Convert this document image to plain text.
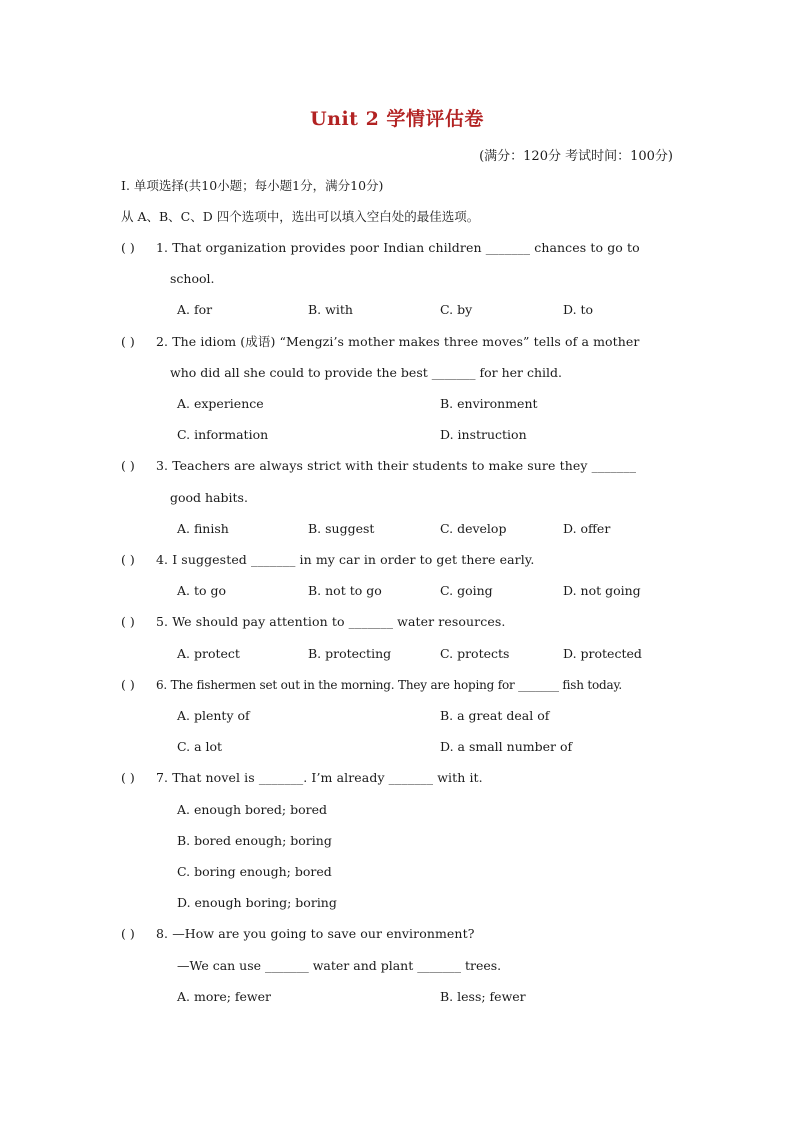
Unit 2 学情评估卷
(满分：120分 考试时间：100分)
I. 单项选择(共10小题；每小题1分，满分10分)
从 A、B、C、D 四个选项中，选出可以填入空白处的最佳选项。
( ) 1. That organization provides poor Indian children _______ chances to go to
school.
A. for	B. with	C. by	D. to
( ) 2. The idiom (成语) “Mengzi’s mother makes three moves” tells of a mother
who did all she could to provide the best _______ for her child.
A. experience	B. environment
C. information	D. instruction
( ) 3. Teachers are always strict with their students to make sure they _______
good habits.
A. finish	B. suggest	C. develop	D. offer
( ) 4. I suggested _______ in my car in order to get there early.
A. to go	B. not to go	C. going	D. not going
( ) 5. We should pay attention to _______ water resources.
A. protect	B. protecting	C. protects	D. protected
( ) 6. The fishermen set out in the morning. They are hoping for _______ fish today.
A. plenty of	B. a great deal of
C. a lot	D. a small number of
( ) 7. That novel is _______. I’m already _______ with it.
A. enough bored; bored
B. bored enough; boring
C. boring enough; bored
D. enough boring; boring
( ) 8. —How are you going to save our environment?
—We can use _______ water and plant _______ trees.
A. more; fewer	B. less; fewer
